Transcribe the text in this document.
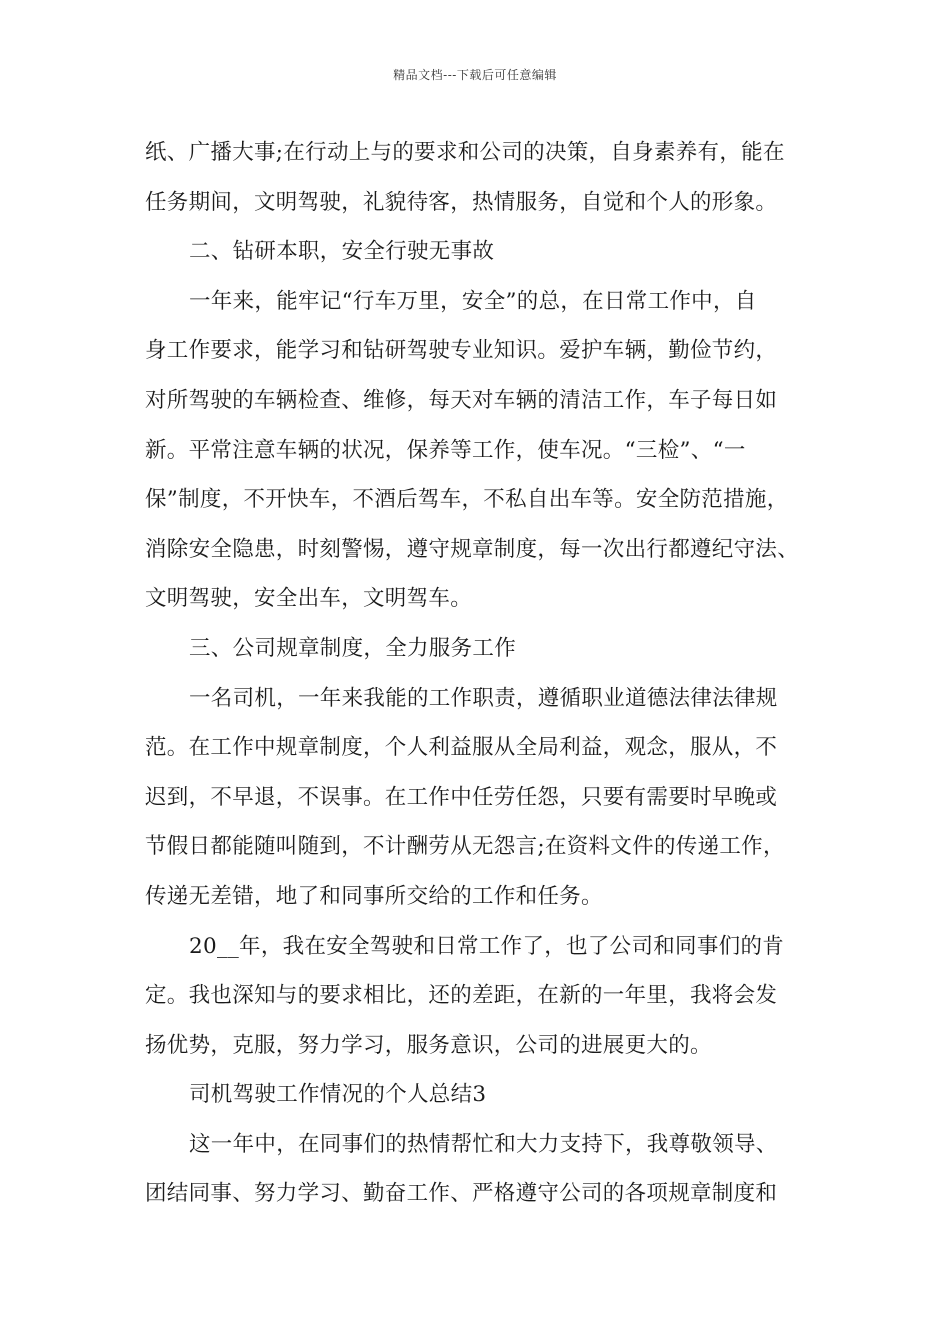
精品文档---下载后可任意编辑
纸、广播大事;在行动上与的要求和公司的决策，自身素养有，能在
任务期间，文明驾驶，礼貌待客，热情服务，自觉和个人的形象。
二、钻研本职，安全行驶无事故
一年来，能牢记“行车万里，安全”的总，在日常工作中，自
身工作要求，能学习和钻研驾驶专业知识。爱护车辆，勤俭节约，
对所驾驶的车辆检查、维修，每天对车辆的清洁工作，车子每日如
新。平常注意车辆的状况，保养等工作，使车况。“三检”、“一
保”制度，不开快车，不酒后驾车，不私自出车等。安全防范措施，
消除安全隐患，时刻警惕，遵守规章制度，每一次出行都遵纪守法、
文明驾驶，安全出车，文明驾车。
三、公司规章制度，全力服务工作
一名司机，一年来我能的工作职责，遵循职业道德法律法律规
范。在工作中规章制度，个人利益服从全局利益，观念，服从，不
迟到，不早退，不误事。在工作中任劳任怨，只要有需要时早晚或
节假日都能随叫随到，不计酬劳从无怨言;在资料文件的传递工作，
传递无差错，地了和同事所交给的工作和任务。
20__年，我在安全驾驶和日常工作了，也了公司和同事们的肯
定。我也深知与的要求相比，还的差距，在新的一年里，我将会发
扬优势，克服，努力学习，服务意识，公司的进展更大的。
司机驾驶工作情况的个人总结3
这一年中，在同事们的热情帮忙和大力支持下，我尊敬领导、
团结同事、努力学习、勤奋工作、严格遵守公司的各项规章制度和
